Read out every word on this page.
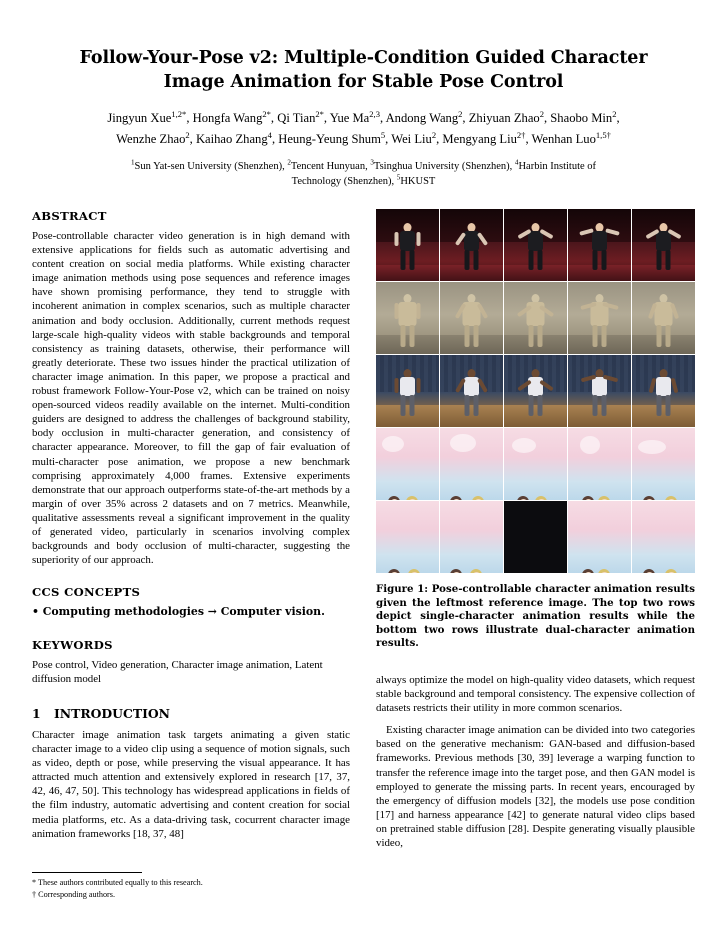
Follow-Your-Pose v2: Multiple-Condition Guided Character Image Animation for Stable Pose Control
Jingyun Xue$^{1,2*}$, Hongfa Wang$^{2*}$, Qi Tian$^{2*}$, Yue Ma$^{2,3}$, Andong Wang$^2$, Zhiyuan Zhao$^2$, Shaobo Min$^2$,
Wenzhe Zhao$^2$, Kaihao Zhang$^4$, Heung-Yeung Shum$^5$, Wei Liu$^2$, Mengyang Liu$^{2\dagger}$, Wenhan Luo$^{1,5\dagger}$
$^1$Sun Yat-sen University (Shenzhen), $^2$Tencent Hunyuan, $^3$Tsinghua University (Shenzhen), $^4$Harbin Institute of
Technology (Shenzhen), $^5$HKUST
ABSTRACT

Pose-controllable character video generation is in high demand with extensive applications for fields such as automatic advertising and content creation on social media platforms. While existing character image animation methods using pose sequences and reference images have shown promising performance, they tend to struggle with incoherent animation in complex scenarios, such as multiple character animation and body occlusion. Additionally, current methods request large-scale high-quality videos with stable backgrounds and temporal consistency as training datasets, otherwise, their performance will greatly deteriorate. These two issues hinder the practical utilization of character image animation. In this paper, we propose a practical and robust framework Follow-Your-Pose v2, which can be trained on noisy open-sourced videos readily available on the internet. Multi-condition guiders are designed to address the challenges of background stability, body occlusion in multi-character generation, and consistency of character appearance. Moreover, to fill the gap of fair evaluation of multi-character pose animation, we propose a new benchmark comprising approximately 4,000 frames. Extensive experiments demonstrate that our approach outperforms state-of-the-art methods by a margin of over 35% across 2 datasets and on 7 metrics. Meanwhile, qualitative assessments reveal a significant improvement in the quality of generated video, particularly in scenarios involving complex backgrounds and body occlusion of multi-character, suggesting the superiority of our approach.

CCS CONCEPTS

• Computing methodologies → Computer vision.

KEYWORDS

Pose control, Video generation, Character image animation, Latent diffusion model

1 INTRODUCTION

Character image animation task targets animating a given static character image to a video clip using a sequence of motion signals, such as video, depth or pose, while preserving the visual appearance. It has attracted much attention and extensively explored in research [17, 37, 42, 46, 47, 50]. This technology has widespread applications in fields of the film industry, automatic advertising and content creation for social media platforms, etc. As a data-driving task, cocurrent character image animation frameworks [18, 37, 48]

Figure 1: Pose-controllable character animation results given the leftmost reference image. The top two rows depict single-character animation results while the bottom two rows illustrate dual-character animation results.

always optimize the model on high-quality video datasets, which request stable background and temporal consistency. The expensive collection of datasets restricts their utility in more common scenarios.

Existing character image animation can be divided into two categories based on the generative mechanism: GAN-based and diffusion-based frameworks. Previous methods [30, 39] leverage a warping function to transfer the reference image into the target pose, and then GAN model is employed to generate the missing parts. In recent years, encouraged by the emergency of diffusion models [32], the models use pose condition [17] and harness appearance [42] to generate natural video clips based on pretrained stable diffusion [28]. Despite generating visually plausible video,

* These authors contributed equally to this research.
† Corresponding authors.
